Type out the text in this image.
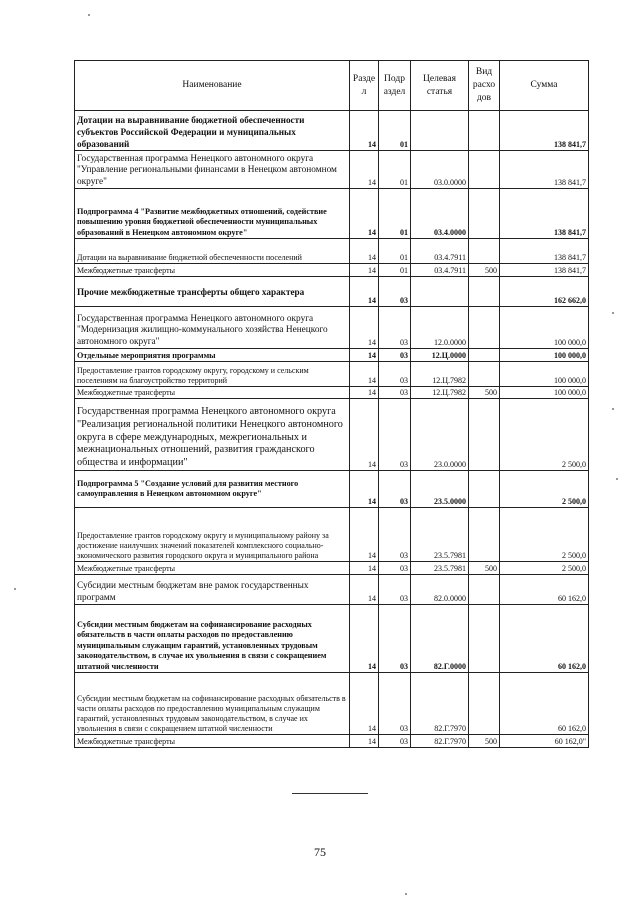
Наименование	Разде л	Подр аздел	Целевая статья	Вид расхо дов	Сумма
Дотации на выравнивание бюджетной обеспеченности субъектов Российской Федерации и муниципальных образований	14	01			138 841,7
Государственная программа Ненецкого автономного округа "Управление региональными финансами в Ненецком автономном округе"	14	01	03.0.0000		138 841,7
Подпрограмма 4 "Развитие межбюджетных отношений, содействие повышению уровня бюджетной обеспеченности муниципальных образований в Ненецком автономном округе"	14	01	03.4.0000		138 841,7
Дотации на выравнивание бюджетной обеспеченности поселений	14	01	03.4.7911		138 841,7
Межбюджетные трансферты	14	01	03.4.7911	500	138 841,7
Прочие межбюджетные трансферты общего характера	14	03			162 662,0
Государственная программа Ненецкого автономного округа "Модернизация жилищно-коммунального хозяйства Ненецкого автономного округа"	14	03	12.0.0000		100 000,0
Отдельные мероприятия программы	14	03	12.Ц.0000		100 000,0
Предоставление грантов городскому округу, городскому и сельским поселениям на благоустройство территорий	14	03	12.Ц.7982		100 000,0
Межбюджетные трансферты	14	03	12.Ц.7982	500	100 000,0
Государственная программа Ненецкого автономного округа "Реализация региональной политики Ненецкого автономного округа в сфере международных, межрегиональных и межнациональных отношений, развития гражданского общества и информации"	14	03	23.0.0000		2 500,0
Подпрограмма 5 "Создание условий для развития местного самоуправления в Ненецком автономном округе"	14	03	23.5.0000		2 500,0
Предоставление грантов городскому округу и муниципальному району за достижение наилучших значений показателей комплексного социально-экономического развития городского округа и муниципального района	14	03	23.5.7981		2 500,0
Межбюджетные трансферты	14	03	23.5.7981	500	2 500,0
Субсидии местным бюджетам вне рамок государственных программ	14	03	82.0.0000		60 162,0
Субсидии местным бюджетам на софинансирование расходных обязательств в части оплаты расходов по предоставлению муниципальным служащим гарантий, установленных трудовым законодательством, в случае их увольнения в связи с сокращением штатной численности	14	03	82.Г.0000		60 162,0
Субсидии местным бюджетам на софинансирование расходных обязательств в части оплаты расходов по предоставлению муниципальным служащим гарантий, установленных трудовым законодательством, в случае их увольнения в связи с сокращением штатной численности	14	03	82.Г.7970		60 162,0
Межбюджетные трансферты	14	03	82.Г.7970	500	60 162,0"
75
